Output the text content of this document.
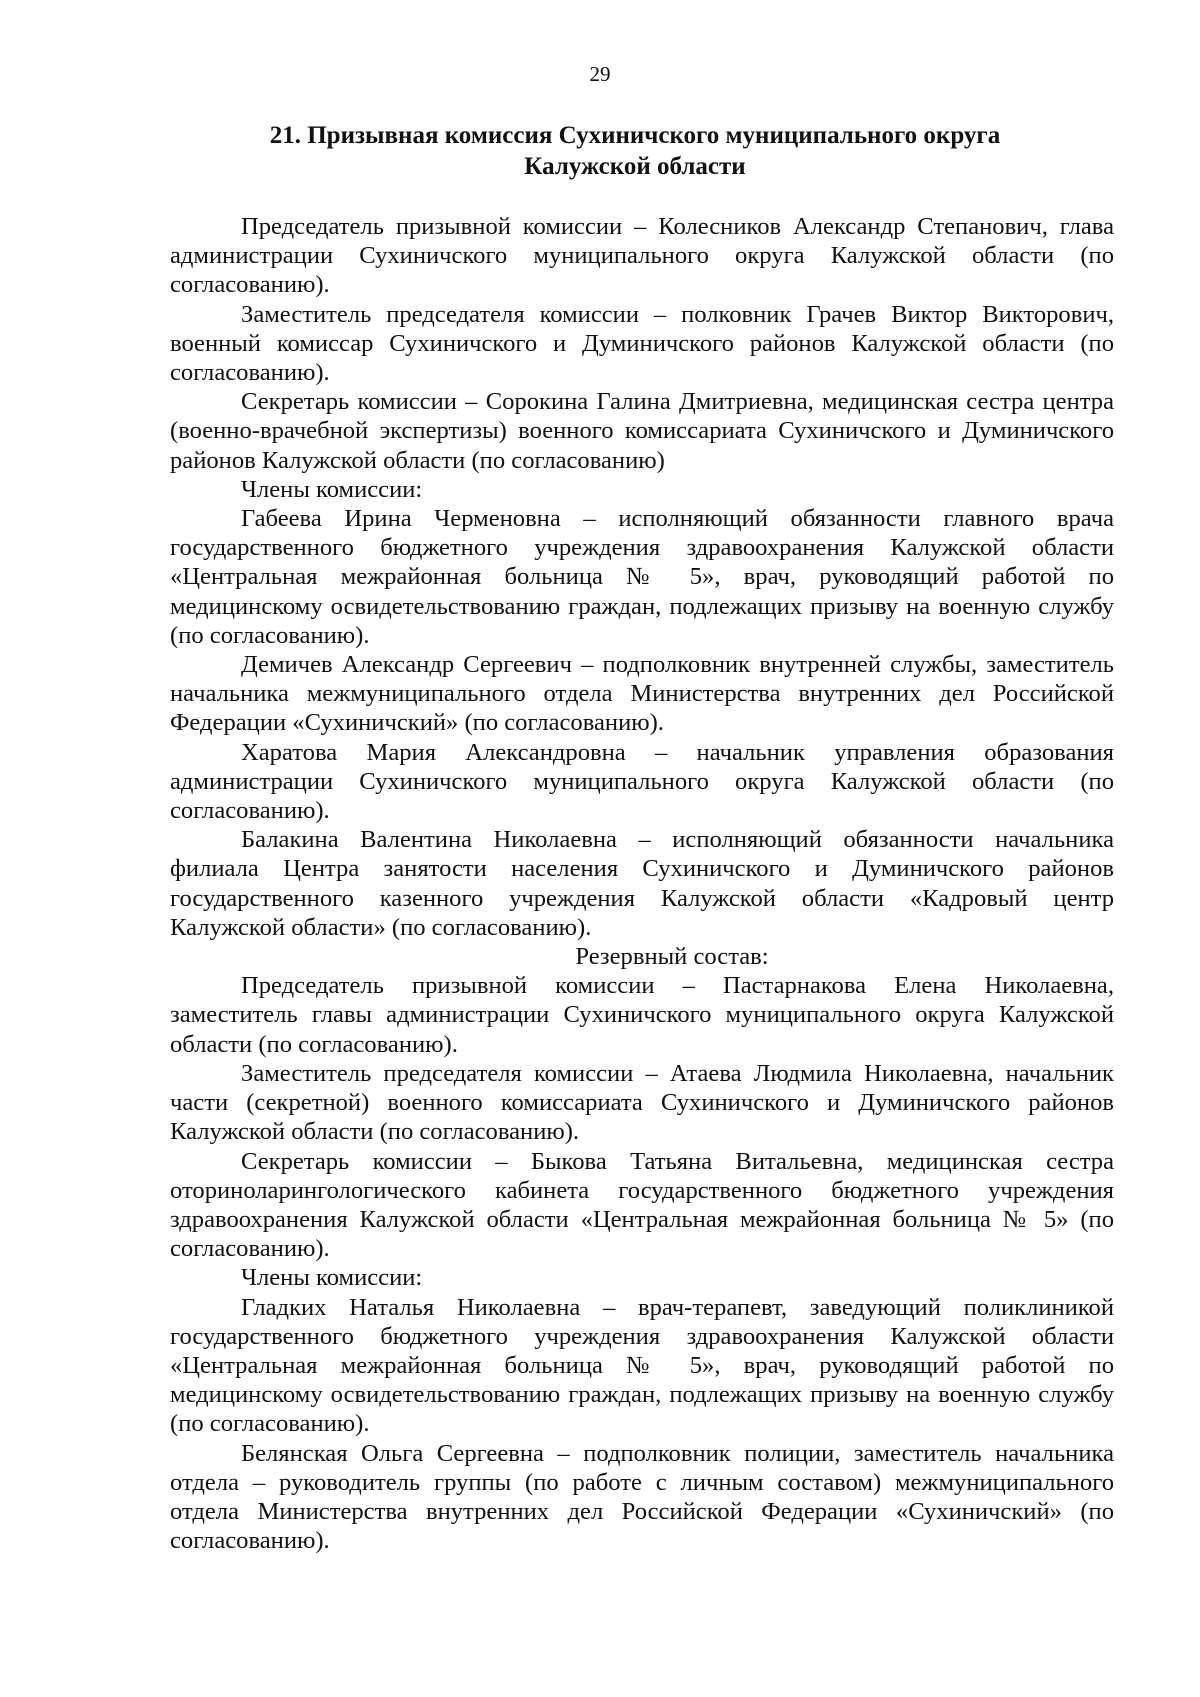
29
21. Призывная комиссия Сухиничского муниципального округа
Калужской области

Председатель призывной комиссии – Колесников Александр Степанович, глава администрации Сухиничского муниципального округа Калужской области (по согласованию).

Заместитель председателя комиссии – полковник Грачев Виктор Викторович, военный комиссар Сухиничского и Думиничского районов Калужской области (по согласованию).

Секретарь комиссии – Сорокина Галина Дмитриевна, медицинская сестра центра (военно-врачебной экспертизы) военного комиссариата Сухиничского и Думиничского районов Калужской области (по согласованию)

Члены комиссии:

Габеева Ирина Черменовна – исполняющий обязанности главного врача государственного бюджетного учреждения здравоохранения Калужской области «Центральная межрайонная больница № 5», врач, руководящий работой по медицинскому освидетельствованию граждан, подлежащих призыву на военную службу (по согласованию).

Демичев Александр Сергеевич – подполковник внутренней службы, заместитель начальника межмуниципального отдела Министерства внутренних дел Российской Федерации «Сухиничский» (по согласованию).

Харатова Мария Александровна – начальник управления образования администрации Сухиничского муниципального округа Калужской области (по согласованию).

Балакина Валентина Николаевна – исполняющий обязанности начальника филиала Центра занятости населения Сухиничского и Думиничского районов государственного казенного учреждения Калужской области «Кадровый центр Калужской области» (по согласованию).

Резервный состав:

Председатель призывной комиссии – Пастарнакова Елена Николаевна, заместитель главы администрации Сухиничского муниципального округа Калужской области (по согласованию).

Заместитель председателя комиссии – Атаева Людмила Николаевна, начальник части (секретной) военного комиссариата Сухиничского и Думиничского районов Калужской области (по согласованию).

Секретарь комиссии – Быкова Татьяна Витальевна, медицинская сестра оториноларингологического кабинета государственного бюджетного учреждения здравоохранения Калужской области «Центральная межрайонная больница № 5» (по согласованию).

Члены комиссии:

Гладких Наталья Николаевна – врач-терапевт, заведующий поликлиникой государственного бюджетного учреждения здравоохранения Калужской области «Центральная межрайонная больница № 5», врач, руководящий работой по медицинскому освидетельствованию граждан, подлежащих призыву на военную службу (по согласованию).

Белянская Ольга Сергеевна – подполковник полиции, заместитель начальника отдела – руководитель группы (по работе с личным составом) межмуниципального отдела Министерства внутренних дел Российской Федерации «Сухиничский» (по согласованию).
